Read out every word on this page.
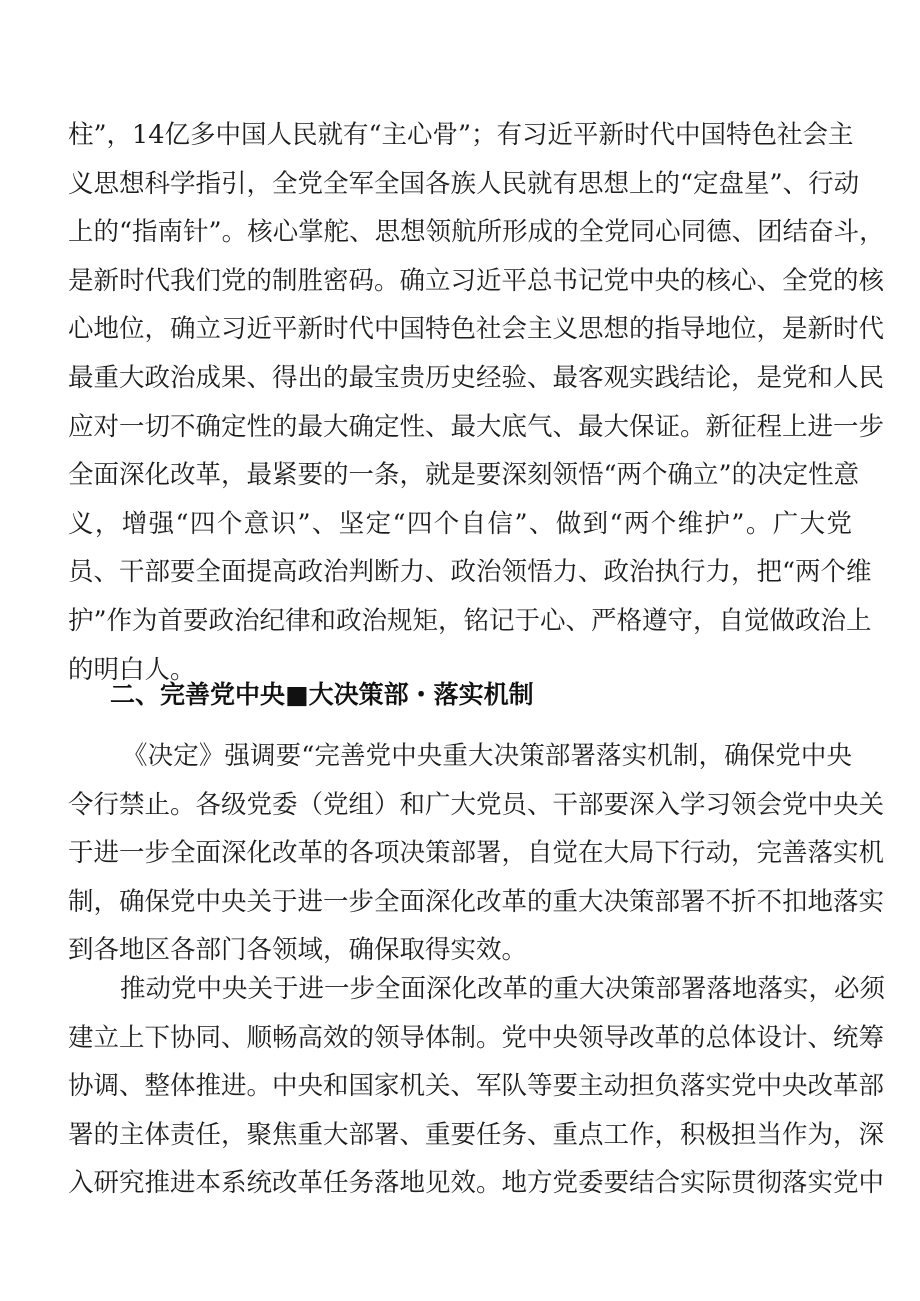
柱”，14亿多中国人民就有“主心骨”；有习近平新时代中国特色社会主
义思想科学指引，全党全军全国各族人民就有思想上的“定盘星”、行动
上的“指南针”。核心掌舵、思想领航所形成的全党同心同德、团结奋斗，
是新时代我们党的制胜密码。确立习近平总书记党中央的核心、全党的核
心地位，确立习近平新时代中国特色社会主义思想的指导地位，是新时代
最重大政治成果、得出的最宝贵历史经验、最客观实践结论，是党和人民
应对一切不确定性的最大确定性、最大底气、最大保证。新征程上进一步
全面深化改革，最紧要的一条，就是要深刻领悟“两个确立”的决定性意
义，增强“四个意识”、坚定“四个自信”、做到“两个维护”。广大党
员、干部要全面提高政治判断力、政治领悟力、政治执行力，把“两个维
护”作为首要政治纪律和政治规矩，铭记于心、严格遵守，自觉做政治上
的明白人。
二、完善党中央■大决策部・落实机制
《决定》强调要“完善党中央重大决策部署落实机制，确保党中央
令行禁止。各级党委（党组）和广大党员、干部要深入学习领会党中央关
于进一步全面深化改革的各项决策部署，自觉在大局下行动，完善落实机
制，确保党中央关于进一步全面深化改革的重大决策部署不折不扣地落实
到各地区各部门各领域，确保取得实效。
推动党中央关于进一步全面深化改革的重大决策部署落地落实，必须
建立上下协同、顺畅高效的领导体制。党中央领导改革的总体设计、统筹
协调、整体推进。中央和国家机关、军队等要主动担负落实党中央改革部
署的主体责任，聚焦重大部署、重要任务、重点工作，积极担当作为，深
入研究推进本系统改革任务落地见效。地方党委要结合实际贯彻落实党中
